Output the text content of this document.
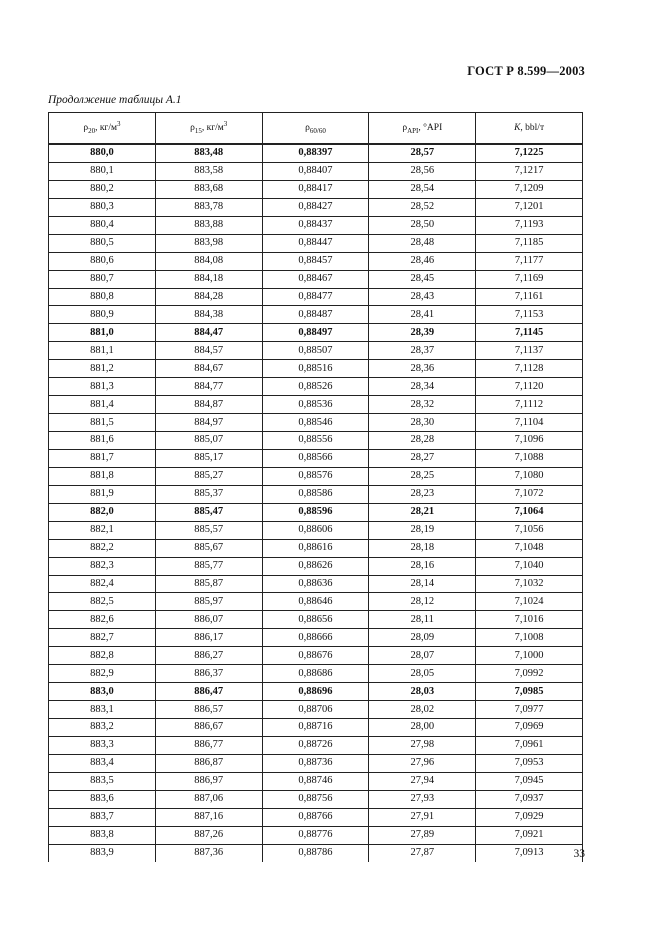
ГОСТ Р 8.599—2003
Продолжение таблицы А.1
$\rho_{20}$, $кг/м^3$	$\rho_{15}$, $кг/м^3$	$\rho_{60/60}$	$\rho_{API}$, °API	K, bbl/т
880,0	883,48	0,88397	28,57	7,1225
880,1	883,58	0,88407	28,56	7,1217
880,2	883,68	0,88417	28,54	7,1209
880,3	883,78	0,88427	28,52	7,1201
880,4	883,88	0,88437	28,50	7,1193
880,5	883,98	0,88447	28,48	7,1185
880,6	884,08	0,88457	28,46	7,1177
880,7	884,18	0,88467	28,45	7,1169
880,8	884,28	0,88477	28,43	7,1161
880,9	884,38	0,88487	28,41	7,1153
881,0	884,47	0,88497	28,39	7,1145
881,1	884,57	0,88507	28,37	7,1137
881,2	884,67	0,88516	28,36	7,1128
881,3	884,77	0,88526	28,34	7,1120
881,4	884,87	0,88536	28,32	7,1112
881,5	884,97	0,88546	28,30	7,1104
881,6	885,07	0,88556	28,28	7,1096
881,7	885,17	0,88566	28,27	7,1088
881,8	885,27	0,88576	28,25	7,1080
881,9	885,37	0,88586	28,23	7,1072
882,0	885,47	0,88596	28,21	7,1064
882,1	885,57	0,88606	28,19	7,1056
882,2	885,67	0,88616	28,18	7,1048
882,3	885,77	0,88626	28,16	7,1040
882,4	885,87	0,88636	28,14	7,1032
882,5	885,97	0,88646	28,12	7,1024
882,6	886,07	0,88656	28,11	7,1016
882,7	886,17	0,88666	28,09	7,1008
882,8	886,27	0,88676	28,07	7,1000
882,9	886,37	0,88686	28,05	7,0992
883,0	886,47	0,88696	28,03	7,0985
883,1	886,57	0,88706	28,02	7,0977
883,2	886,67	0,88716	28,00	7,0969
883,3	886,77	0,88726	27,98	7,0961
883,4	886,87	0,88736	27,96	7,0953
883,5	886,97	0,88746	27,94	7,0945
883,6	887,06	0,88756	27,93	7,0937
883,7	887,16	0,88766	27,91	7,0929
883,8	887,26	0,88776	27,89	7,0921
883,9	887,36	0,88786	27,87	7,0913	33
